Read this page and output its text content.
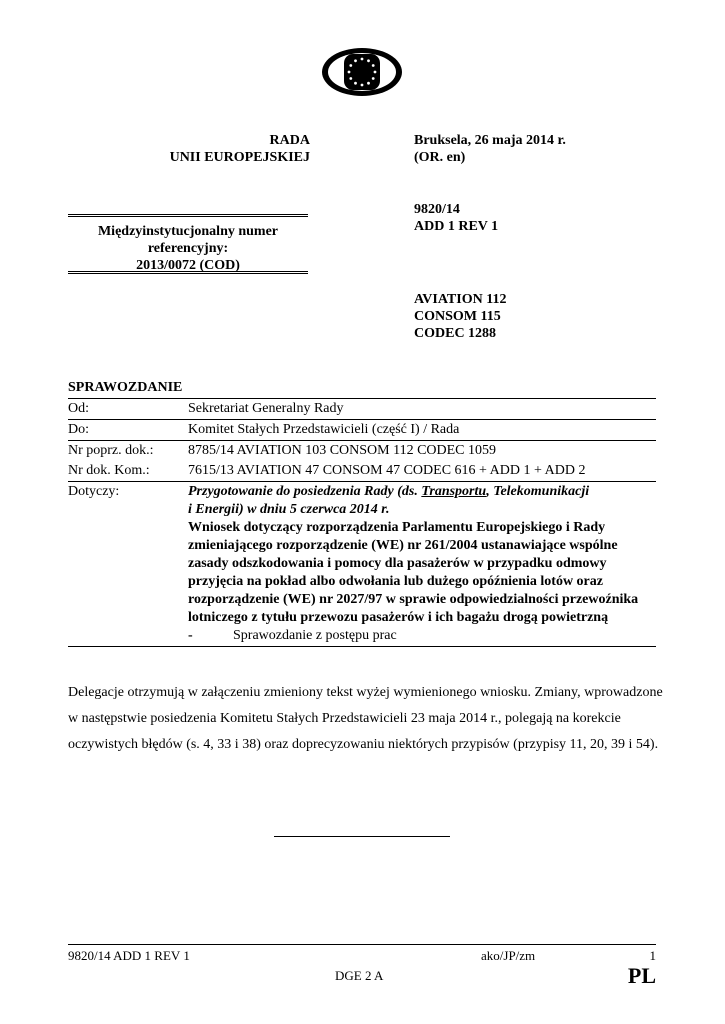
RADA
UNII EUROPEJSKIEJ
Bruksela, 26 maja 2014 r.
(OR. en)
Międzyinstytucjonalny numer
referencyjny:
2013/0072 (COD)
9820/14
ADD 1 REV 1
AVIATION 112
CONSOM 115
CODEC 1288
SPRAWOZDANIE
Od:	Sekretariat Generalny Rady
Do:	Komitet Stałych Przedstawicieli (część I) / Rada
Nr poprz. dok.:	8785/14 AVIATION 103 CONSOM 112 CODEC 1059
Nr dok. Kom.:	7615/13 AVIATION 47 CONSOM 47 CODEC 616 + ADD 1 + ADD 2
Dotyczy:	Przygotowanie do posiedzenia Rady (ds. Transportu, Telekomunikacji
i Energii) w dniu 5 czerwca 2014 r.
Wniosek dotyczący rozporządzenia Parlamentu Europejskiego i Rady zmieniającego rozporządzenie (WE) nr 261/2004 ustanawiające wspólne zasady odszkodowania i pomocy dla pasażerów w przypadku odmowy przyjęcia na pokład albo odwołania lub dużego opóźnienia lotów oraz rozporządzenie (WE) nr 2027/97 w sprawie odpowiedzialności przewoźnika lotniczego z tytułu przewozu pasażerów i ich bagażu drogą powietrzną
-	Sprawozdanie z postępu prac

Delegacje otrzymują w załączeniu zmieniony tekst wyżej wymienionego wniosku. Zmiany, wprowadzone w następstwie posiedzenia Komitetu Stałych Przedstawicieli 23 maja 2014 r., polegają na korekcie oczywistych błędów (s. 4, 33 i 38) oraz doprecyzowaniu niektórych przypisów (przypisy 11, 20, 39 i 54).

9820/14 ADD 1 REV 1	ako/JP/zm	1
DGE 2 A	PL
